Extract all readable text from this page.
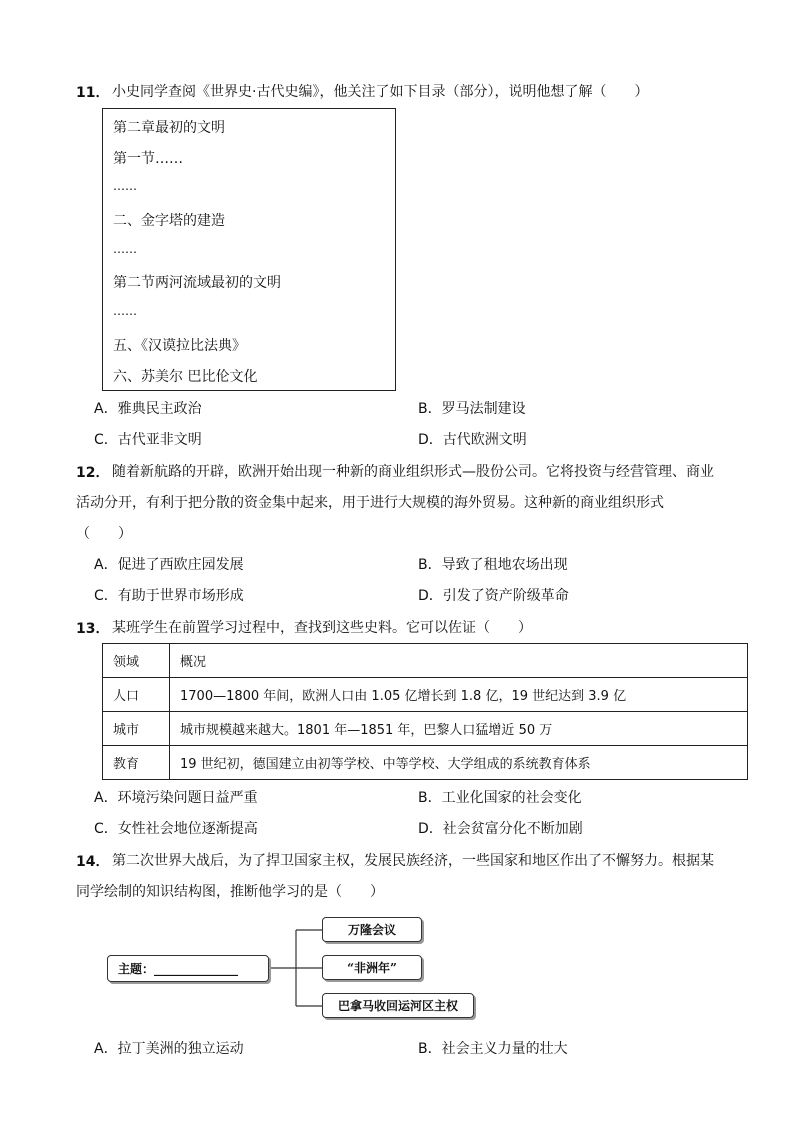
11． 小史同学查阅《世界史·古代史编》，他关注了如下目录（部分），说明他想了解（　　）
第二章最初的文明
第一节……
……
二、金字塔的建造
……
第二节两河流域最初的文明
……
五、《汉谟拉比法典》
六、苏美尔 巴比伦文化
A．雅典民主政治	B．罗马法制建设
C．古代亚非文明	D．古代欧洲文明
12． 随着新航路的开辟，欧洲开始出现一种新的商业组织形式—股份公司。它将投资与经营管理、商业
活动分开，有利于把分散的资金集中起来，用于进行大规模的海外贸易。这种新的商业组织形式
（　　）
A．促进了西欧庄园发展	B．导致了租地农场出现
C．有助于世界市场形成	D．引发了资产阶级革命
13． 某班学生在前置学习过程中，查找到这些史料。它可以佐证（　　）
领域	概况
人口	1700—1800 年间，欧洲人口由 1.05 亿增长到 1.8 亿，19 世纪达到 3.9 亿
城市	城市规模越来越大。1801 年—1851 年，巴黎人口猛增近 50 万
教育	19 世纪初，德国建立由初等学校、中等学校、大学组成的系统教育体系
A．环境污染问题日益严重	B．工业化国家的社会变化
C．女性社会地位逐渐提高	D．社会贫富分化不断加剧
14． 第二次世界大战后，为了捍卫国家主权，发展民族经济，一些国家和地区作出了不懈努力。根据某
同学绘制的知识结构图，推断他学习的是（　　）
主题：______________
万隆会议
“非洲年”
巴拿马收回运河区主权
A．拉丁美洲的独立运动	B．社会主义力量的壮大
